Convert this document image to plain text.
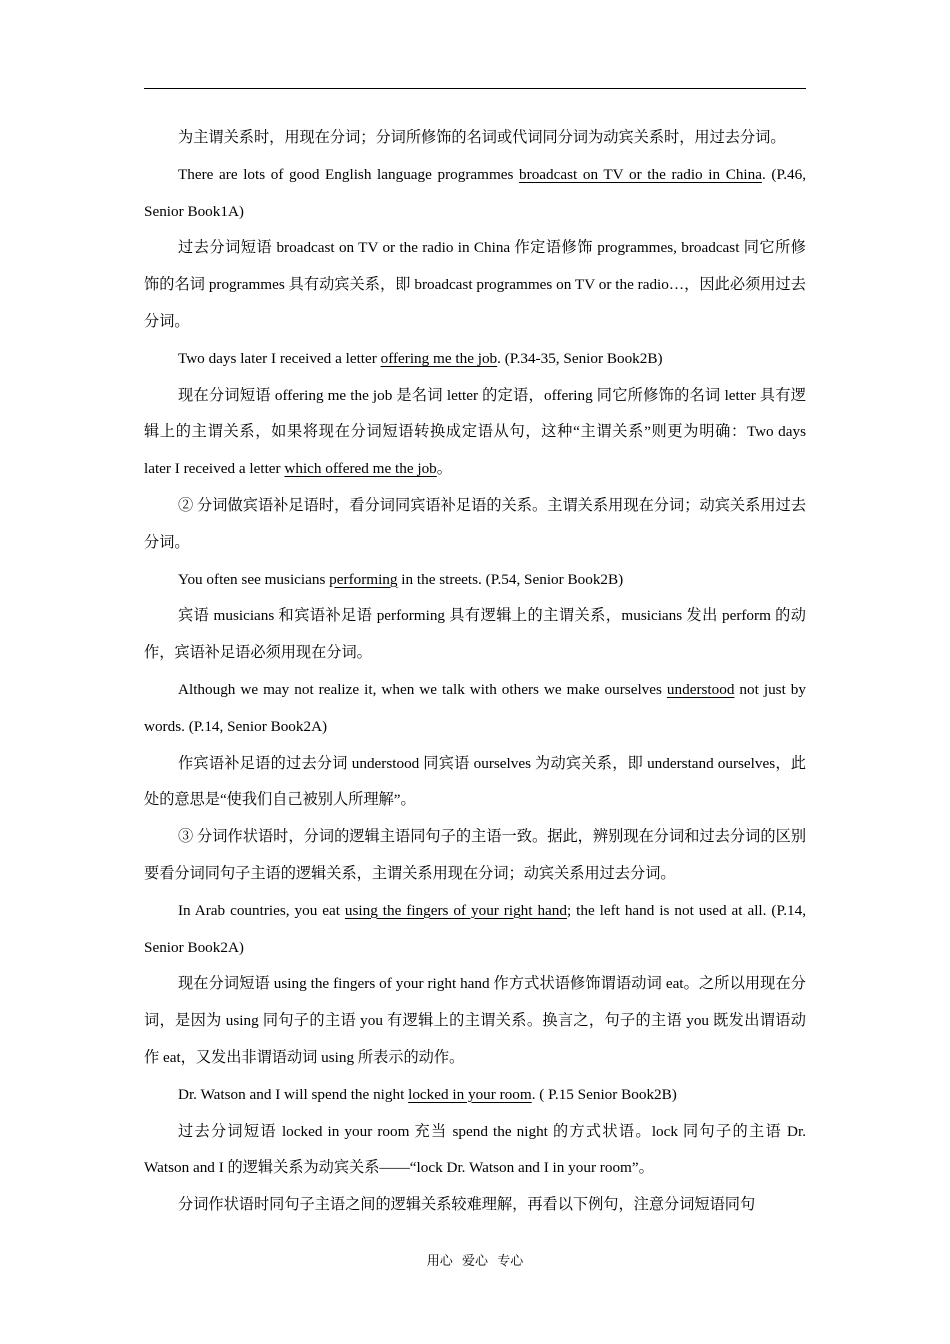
为主谓关系时，用现在分词；分词所修饰的名词或代词同分词为动宾关系时，用过去分词。

There are lots of good English language programmes broadcast on TV or the radio in China. (P.46, Senior Book1A)

过去分词短语 broadcast on TV or the radio in China 作定语修饰 programmes, broadcast 同它所修饰的名词 programmes 具有动宾关系，即 broadcast programmes on TV or the radio…，因此必须用过去分词。

Two days later I received a letter offering me the job. (P.34-35, Senior Book2B)

现在分词短语 offering me the job 是名词 letter 的定语，offering 同它所修饰的名词 letter 具有逻辑上的主谓关系，如果将现在分词短语转换成定语从句，这种“主谓关系”则更为明确：Two days later I received a letter which offered me the job。

② 分词做宾语补足语时，看分词同宾语补足语的关系。主谓关系用现在分词；动宾关系用过去分词。

You often see musicians performing in the streets. (P.54, Senior Book2B)

宾语 musicians 和宾语补足语 performing 具有逻辑上的主谓关系，musicians 发出 perform 的动作，宾语补足语必须用现在分词。

Although we may not realize it, when we talk with others we make ourselves understood not just by words. (P.14, Senior Book2A)

作宾语补足语的过去分词 understood 同宾语 ourselves 为动宾关系，即 understand ourselves，此处的意思是“使我们自己被别人所理解”。

③ 分词作状语时，分词的逻辑主语同句子的主语一致。据此，辨别现在分词和过去分词的区别要看分词同句子主语的逻辑关系，主谓关系用现在分词；动宾关系用过去分词。

In Arab countries, you eat using the fingers of your right hand; the left hand is not used at all. (P.14, Senior Book2A)

现在分词短语 using the fingers of your right hand 作方式状语修饰谓语动词 eat。之所以用现在分词，是因为 using 同句子的主语 you 有逻辑上的主谓关系。换言之，句子的主语 you 既发出谓语动作 eat，又发出非谓语动词 using 所表示的动作。

Dr. Watson and I will spend the night locked in your room. ( P.15 Senior Book2B)

过去分词短语 locked in your room 充当 spend the night 的方式状语。lock 同句子的主语 Dr. Watson and I 的逻辑关系为动宾关系——“lock Dr. Watson and I in your room”。

分词作状语时同句子主语之间的逻辑关系较难理解，再看以下例句，注意分词短语同句

用心 爱心 专心
